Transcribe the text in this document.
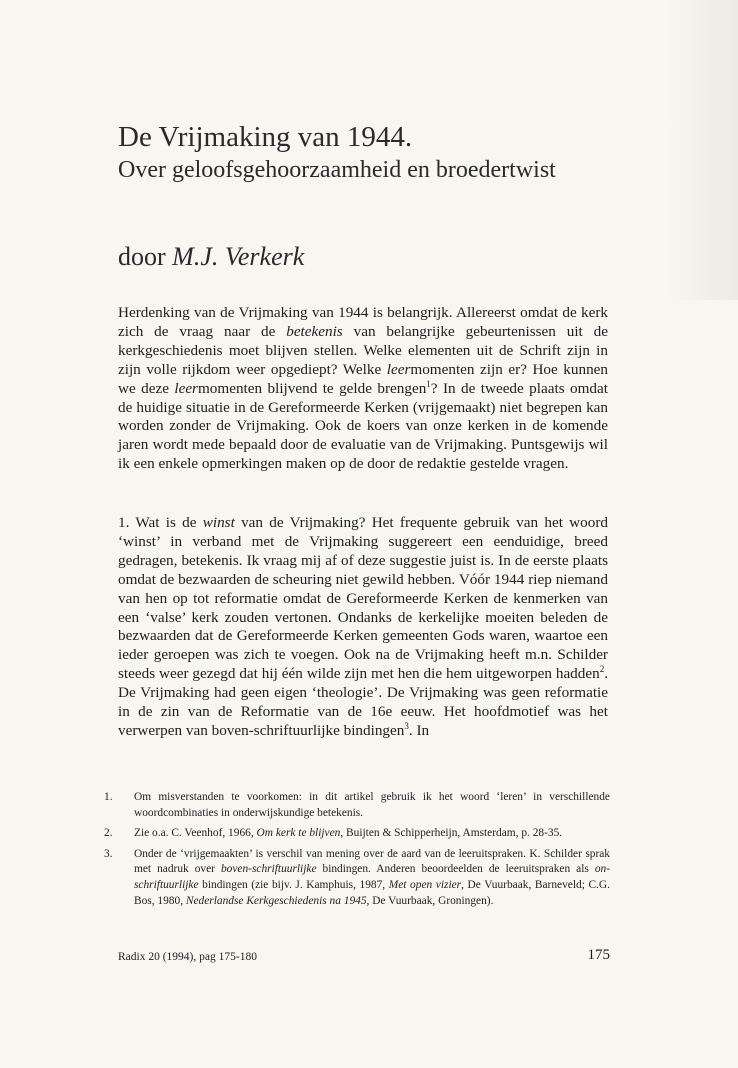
De Vrijmaking van 1944.
Over geloofsgehoorzaamheid en broedertwist
door M.J. Verkerk

Herdenking van de Vrijmaking van 1944 is belangrijk. Allereerst omdat de kerk zich de vraag naar de betekenis van belangrijke gebeurtenissen uit de kerkgeschiedenis moet blijven stellen. Welke elementen uit de Schrift zijn in zijn volle rijkdom weer opgediept? Welke leermomenten zijn er? Hoe kunnen we deze leermomenten blijvend te gelde brengen$^1$? In de tweede plaats omdat de huidige situatie in de Gereformeerde Kerken (vrijgemaakt) niet begrepen kan worden zonder de Vrijmaking. Ook de koers van onze kerken in de komende jaren wordt mede bepaald door de evaluatie van de Vrijmaking. Puntsgewijs wil ik een enkele opmerkingen maken op de door de redaktie gestelde vragen.

1. Wat is de winst van de Vrijmaking? Het frequente gebruik van het woord ‘winst’ in verband met de Vrijmaking suggereert een eenduidige, breed gedragen, betekenis. Ik vraag mij af of deze suggestie juist is. In de eerste plaats omdat de bezwaarden de scheuring niet gewild hebben. Vóór 1944 riep niemand van hen op tot reformatie omdat de Gereformeerde Kerken de kenmerken van een ‘valse’ kerk zouden vertonen. Ondanks de kerkelijke moeiten beleden de bezwaarden dat de Gereformeerde Kerken gemeenten Gods waren, waartoe een ieder geroepen was zich te voegen. Ook na de Vrijmaking heeft m.n. Schilder steeds weer gezegd dat hij één wilde zijn met hen die hem uitgeworpen hadden$^2$. De Vrijmaking had geen eigen ‘theologie’. De Vrijmaking was geen reformatie in de zin van de Reformatie van de 16e eeuw. Het hoofdmotief was het verwerpen van boven-schriftuurlijke bindingen$^3$. In

1.	Om misverstanden te voorkomen: in dit artikel gebruik ik het woord ‘leren’ in verschillende woordcombinaties in onderwijskundige betekenis.
2.	Zie o.a. C. Veenhof, 1966, Om kerk te blijven, Buijten & Schipperheijn, Amsterdam, p. 28-35.
3.	Onder de ‘vrijgemaakten’ is verschil van mening over de aard van de leeruitspraken. K. Schilder sprak met nadruk over boven-schriftuurlijke bindingen. Anderen beoordeelden de leeruitspraken als on-schriftuurlijke bindingen (zie bijv. J. Kamphuis, 1987, Met open vizier, De Vuurbaak, Barneveld; C.G. Bos, 1980, Nederlandse Kerkgeschiedenis na 1945, De Vuurbaak, Groningen).
Radix 20 (1994), pag 175-180	175
